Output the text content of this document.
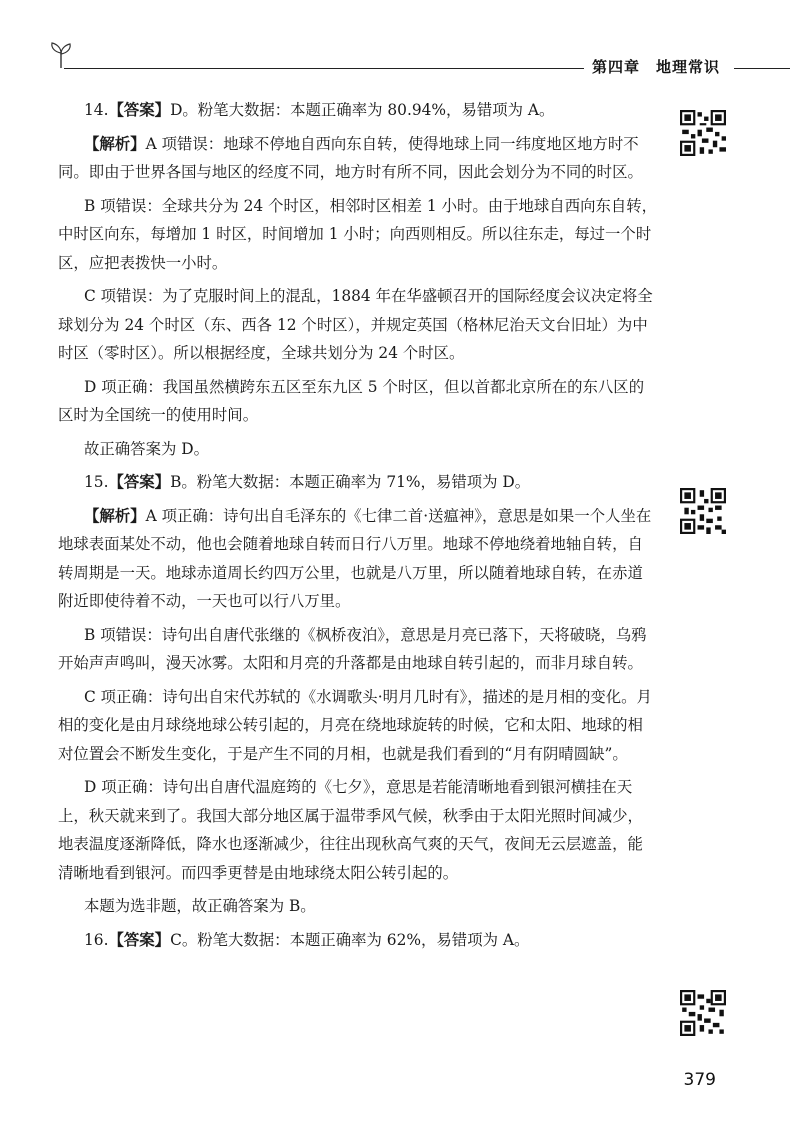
第四章　地理常识

14.【答案】D。粉笔大数据：本题正确率为 80.94%，易错项为 A。

【解析】A 项错误：地球不停地自西向东自转，使得地球上同一纬度地区地方时不同。即由于世界各国与地区的经度不同，地方时有所不同，因此会划分为不同的时区。

B 项错误：全球共分为 24 个时区，相邻时区相差 1 小时。由于地球自西向东自转，中时区向东，每增加 1 时区，时间增加 1 小时；向西则相反。所以往东走，每过一个时区，应把表拨快一小时。

C 项错误：为了克服时间上的混乱，1884 年在华盛顿召开的国际经度会议决定将全球划分为 24 个时区（东、西各 12 个时区），并规定英国（格林尼治天文台旧址）为中时区（零时区）。所以根据经度，全球共划分为 24 个时区。

D 项正确：我国虽然横跨东五区至东九区 5 个时区，但以首都北京所在的东八区的区时为全国统一的使用时间。

故正确答案为 D。

15.【答案】B。粉笔大数据：本题正确率为 71%，易错项为 D。

【解析】A 项正确：诗句出自毛泽东的《七律二首·送瘟神》，意思是如果一个人坐在地球表面某处不动，他也会随着地球自转而日行八万里。地球不停地绕着地轴自转，自转周期是一天。地球赤道周长约四万公里，也就是八万里，所以随着地球自转，在赤道附近即使待着不动，一天也可以行八万里。

B 项错误：诗句出自唐代张继的《枫桥夜泊》，意思是月亮已落下，天将破晓，乌鸦开始声声鸣叫，漫天冰雾。太阳和月亮的升落都是由地球自转引起的，而非月球自转。

C 项正确：诗句出自宋代苏轼的《水调歌头·明月几时有》，描述的是月相的变化。月相的变化是由月球绕地球公转引起的，月亮在绕地球旋转的时候，它和太阳、地球的相对位置会不断发生变化，于是产生不同的月相，也就是我们看到的“月有阴晴圆缺”。

D 项正确：诗句出自唐代温庭筠的《七夕》，意思是若能清晰地看到银河横挂在天上，秋天就来到了。我国大部分地区属于温带季风气候，秋季由于太阳光照时间减少，地表温度逐渐降低，降水也逐渐减少，往往出现秋高气爽的天气，夜间无云层遮盖，能清晰地看到银河。而四季更替是由地球绕太阳公转引起的。

本题为选非题，故正确答案为 B。

16.【答案】C。粉笔大数据：本题正确率为 62%，易错项为 A。

379
